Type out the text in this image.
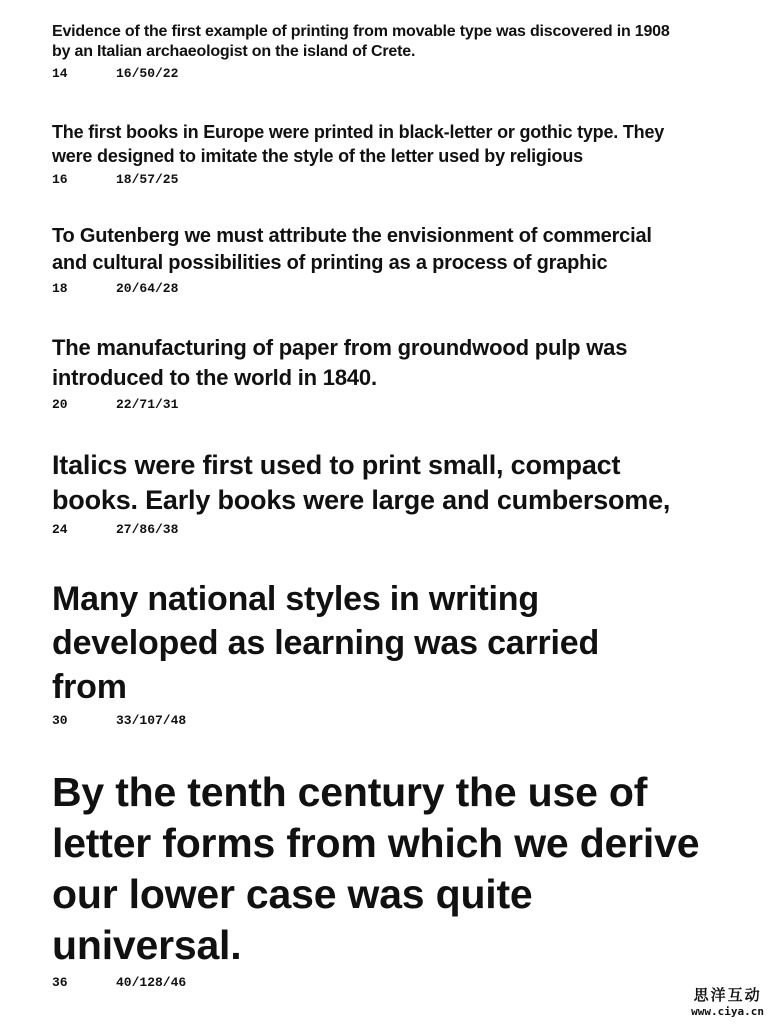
Evidence of the first example of printing from movable type was discovered in 1908
by an Italian archaeologist on the island of Crete.

14	16/50/22

The first books in Europe were printed in black-letter or gothic type. They
were designed to imitate the style of the letter used by religious

16	18/57/25

To Gutenberg we must attribute the envisionment of commercial
and cultural possibilities of printing as a process of graphic

18	20/64/28

The manufacturing of paper from groundwood pulp was
introduced to the world in 1840.

20	22/71/31

Italics were first used to print small, compact
books. Early books were large and cumbersome,

24	27/86/38

Many national styles in writing
developed as learning was carried
from

30	33/107/48

By the tenth century the use of
letter forms from which we derive
our lower case was quite
universal.

36	40/128/46
思洋互动
www.ciya.cn
